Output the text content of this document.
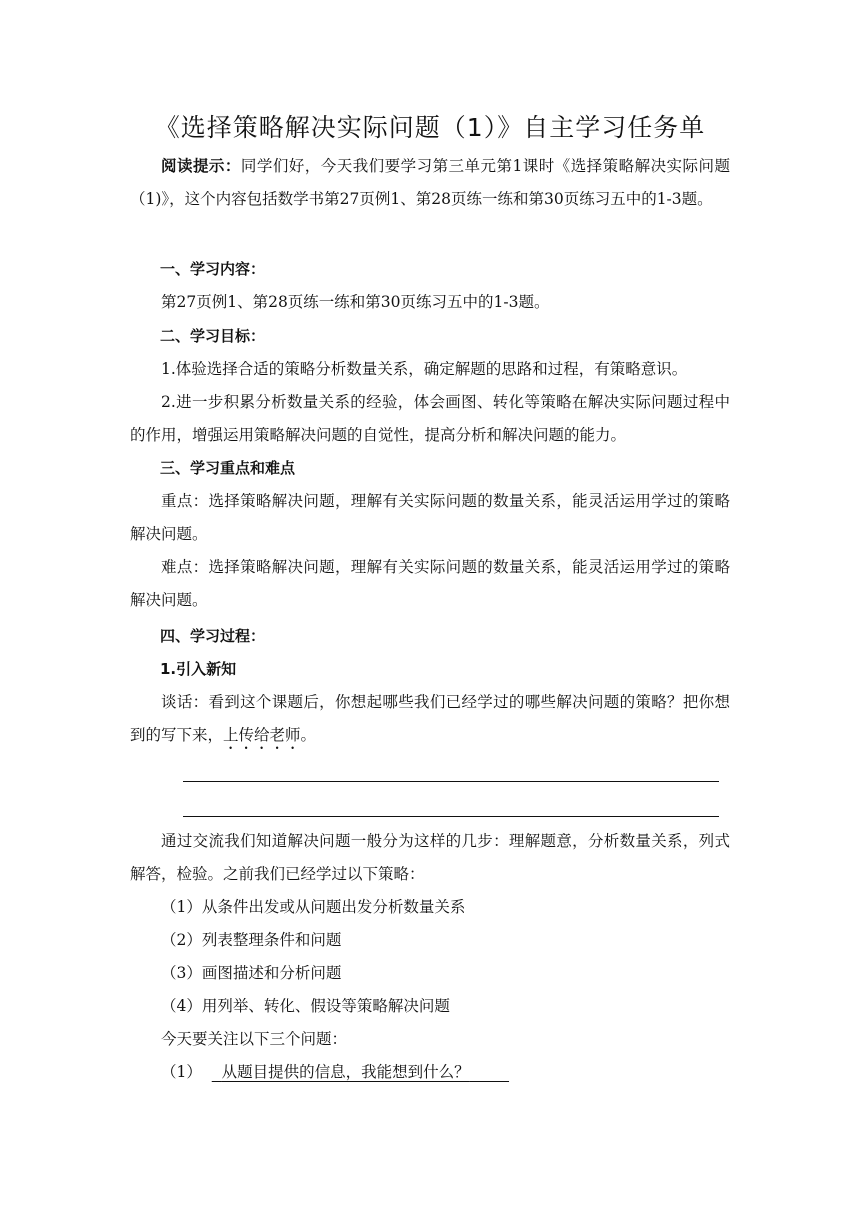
《选择策略解决实际问题（1）》自主学习任务单

阅读提示：同学们好，今天我们要学习第三单元第1课时《选择策略解决实际问题（1)》，这个内容包括数学书第27页例1、第28页练一练和第30页练习五中的1-3题。

一、学习内容：

第27页例1、第28页练一练和第30页练习五中的1-3题。

二、学习目标：

1.体验选择合适的策略分析数量关系，确定解题的思路和过程，有策略意识。

2.进一步积累分析数量关系的经验，体会画图、转化等策略在解决实际问题过程中的作用，增强运用策略解决问题的自觉性，提高分析和解决问题的能力。

三、学习重点和难点

重点：选择策略解决问题，理解有关实际问题的数量关系，能灵活运用学过的策略解决问题。

难点：选择策略解决问题，理解有关实际问题的数量关系，能灵活运用学过的策略解决问题。

四、学习过程：

1.引入新知

谈话：看到这个课题后，你想起哪些我们已经学过的哪些解决问题的策略？把你想到的写下来，上传给老师。

通过交流我们知道解决问题一般分为这样的几步：理解题意，分析数量关系，列式解答，检验。之前我们已经学过以下策略：

（1）从条件出发或从问题出发分析数量关系

（2）列表整理条件和问题

（3）画图描述和分析问题

（4）用列举、转化、假设等策略解决问题

今天要关注以下三个问题：

（1） 从题目提供的信息，我能想到什么？
